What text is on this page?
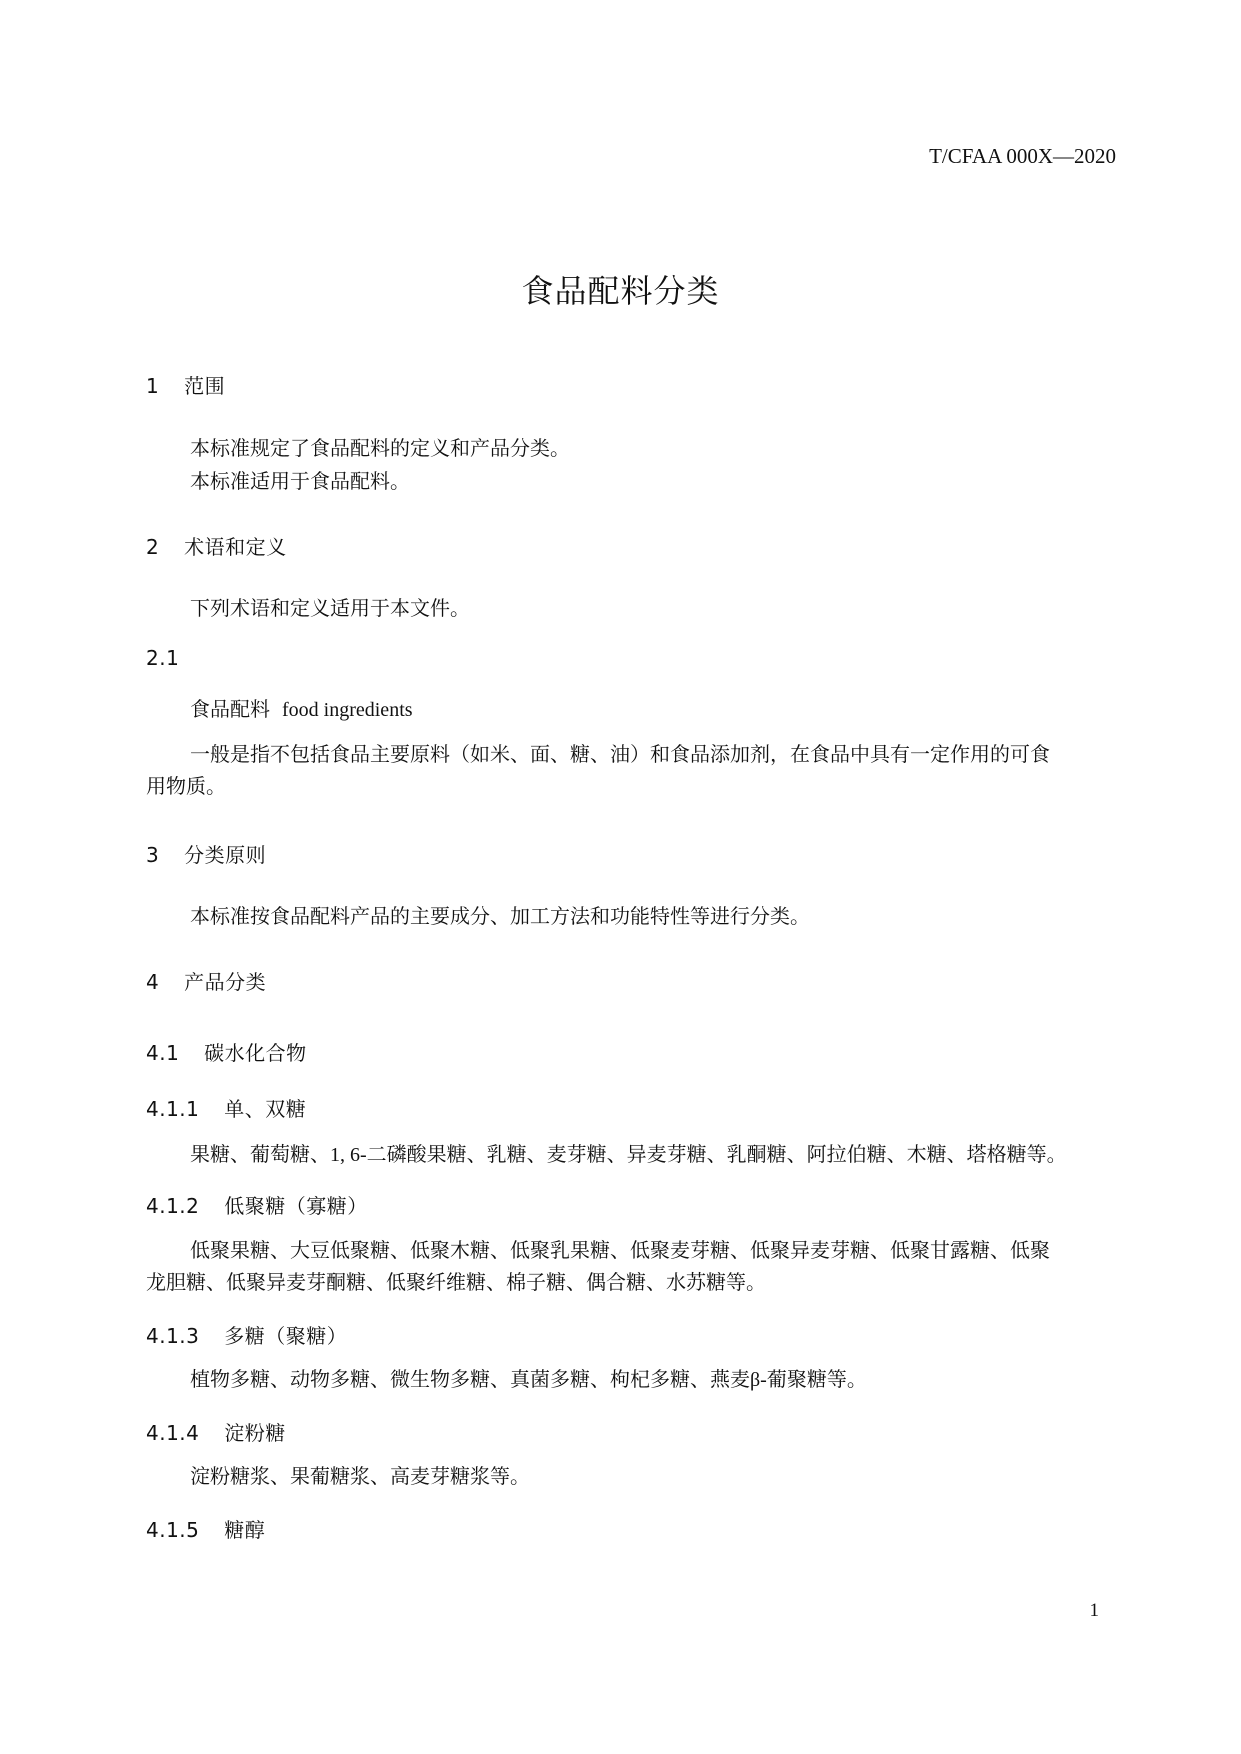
T/CFAA 000X—2020
食品配料分类
1 范围
本标准规定了食品配料的定义和产品分类。
本标准适用于食品配料。
2 术语和定义
下列术语和定义适用于本文件。
2.1
食品配料 food ingredients
一般是指不包括食品主要原料（如米、面、糖、油）和食品添加剂，在食品中具有一定作用的可食
用物质。
3 分类原则
本标准按食品配料产品的主要成分、加工方法和功能特性等进行分类。
4 产品分类
4.1 碳水化合物
4.1.1 单、双糖
果糖、葡萄糖、1, 6-二磷酸果糖、乳糖、麦芽糖、异麦芽糖、乳酮糖、阿拉伯糖、木糖、塔格糖等。
4.1.2 低聚糖（寡糖）
低聚果糖、大豆低聚糖、低聚木糖、低聚乳果糖、低聚麦芽糖、低聚异麦芽糖、低聚甘露糖、低聚
龙胆糖、低聚异麦芽酮糖、低聚纤维糖、棉子糖、偶合糖、水苏糖等。
4.1.3 多糖（聚糖）
植物多糖、动物多糖、微生物多糖、真菌多糖、枸杞多糖、燕麦β-葡聚糖等。
4.1.4 淀粉糖
淀粉糖浆、果葡糖浆、高麦芽糖浆等。
4.1.5 糖醇
1
